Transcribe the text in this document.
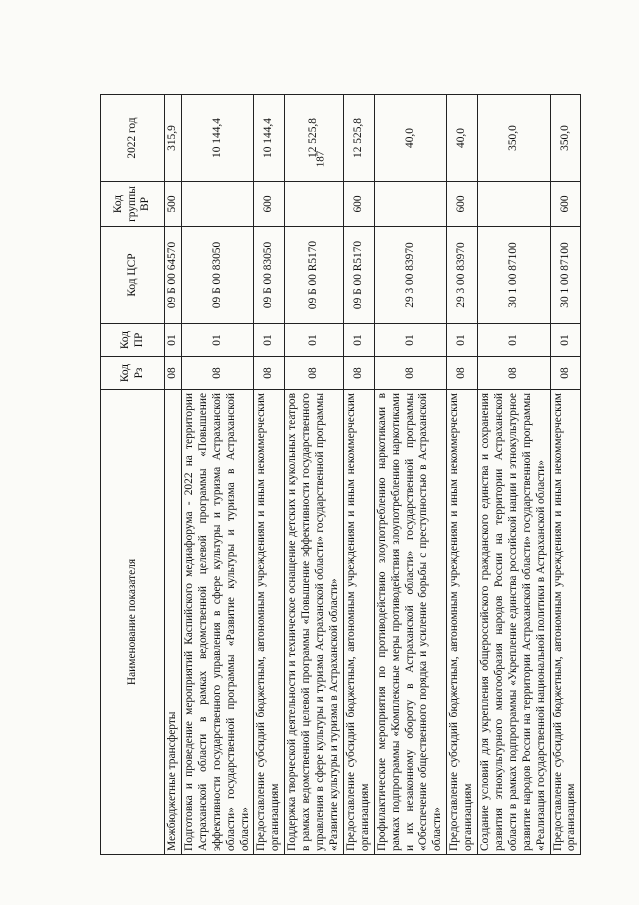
187
Наименование показателя	Код Рз	Код ПР	Код ЦСР	Код группы ВР	2022 год
Межбюджетные трансферты	08	01	09 Б 00 64570	500	315,9
Подготовка и проведение мероприятий Каспийского медиафорума - 2022 на территории Астраханской области в рамках ведомственной целевой программы «Повышение эффективности государственного управления в сфере культуры и туризма Астраханской области» государственной программы «Развитие культуры и туризма в Астраханской области»	08	01	09 Б 00 83050		10 144,4
Предоставление субсидий бюджетным, автономным учреждениям и иным некоммерческим организациям	08	01	09 Б 00 83050	600	10 144,4
Поддержка творческой деятельности и техническое оснащение детских и кукольных театров в рамках ведомственной целевой программы «Повышение эффективности государственного управления в сфере культуры и туризма Астраханской области» государственной программы «Развитие культуры и туризма в Астраханской области»	08	01	09 Б 00 R5170		12 525,8
Предоставление субсидий бюджетным, автономным учреждениям и иным некоммерческим организациям	08	01	09 Б 00 R5170	600	12 525,8
Профилактические мероприятия по противодействию злоупотреблению наркотиками в рамках подпрограммы «Комплексные меры противодействия злоупотреблению наркотиками и их незаконному обороту в Астраханской области» государственной программы «Обеспечение общественного порядка и усиление борьбы с преступностью в Астраханской области»	08	01	29 3 00 83970		40,0
Предоставление субсидий бюджетным, автономным учреждениям и иным некоммерческим организациям	08	01	29 3 00 83970	600	40,0
Создание условий для укрепления общероссийского гражданского единства и сохранения развития этнокультурного многообразия народов России на территории Астраханской области в рамках подпрограммы «Укрепление единства российской нации и этнокультурное развитие народов России на территории Астраханской области» государственной программы «Реализация государственной национальной политики в Астраханской области»	08	01	30 1 00 87100		350,0
Предоставление субсидий бюджетным, автономным учреждениям и иным некоммерческим организациям	08	01	30 1 00 87100	600	350,0
